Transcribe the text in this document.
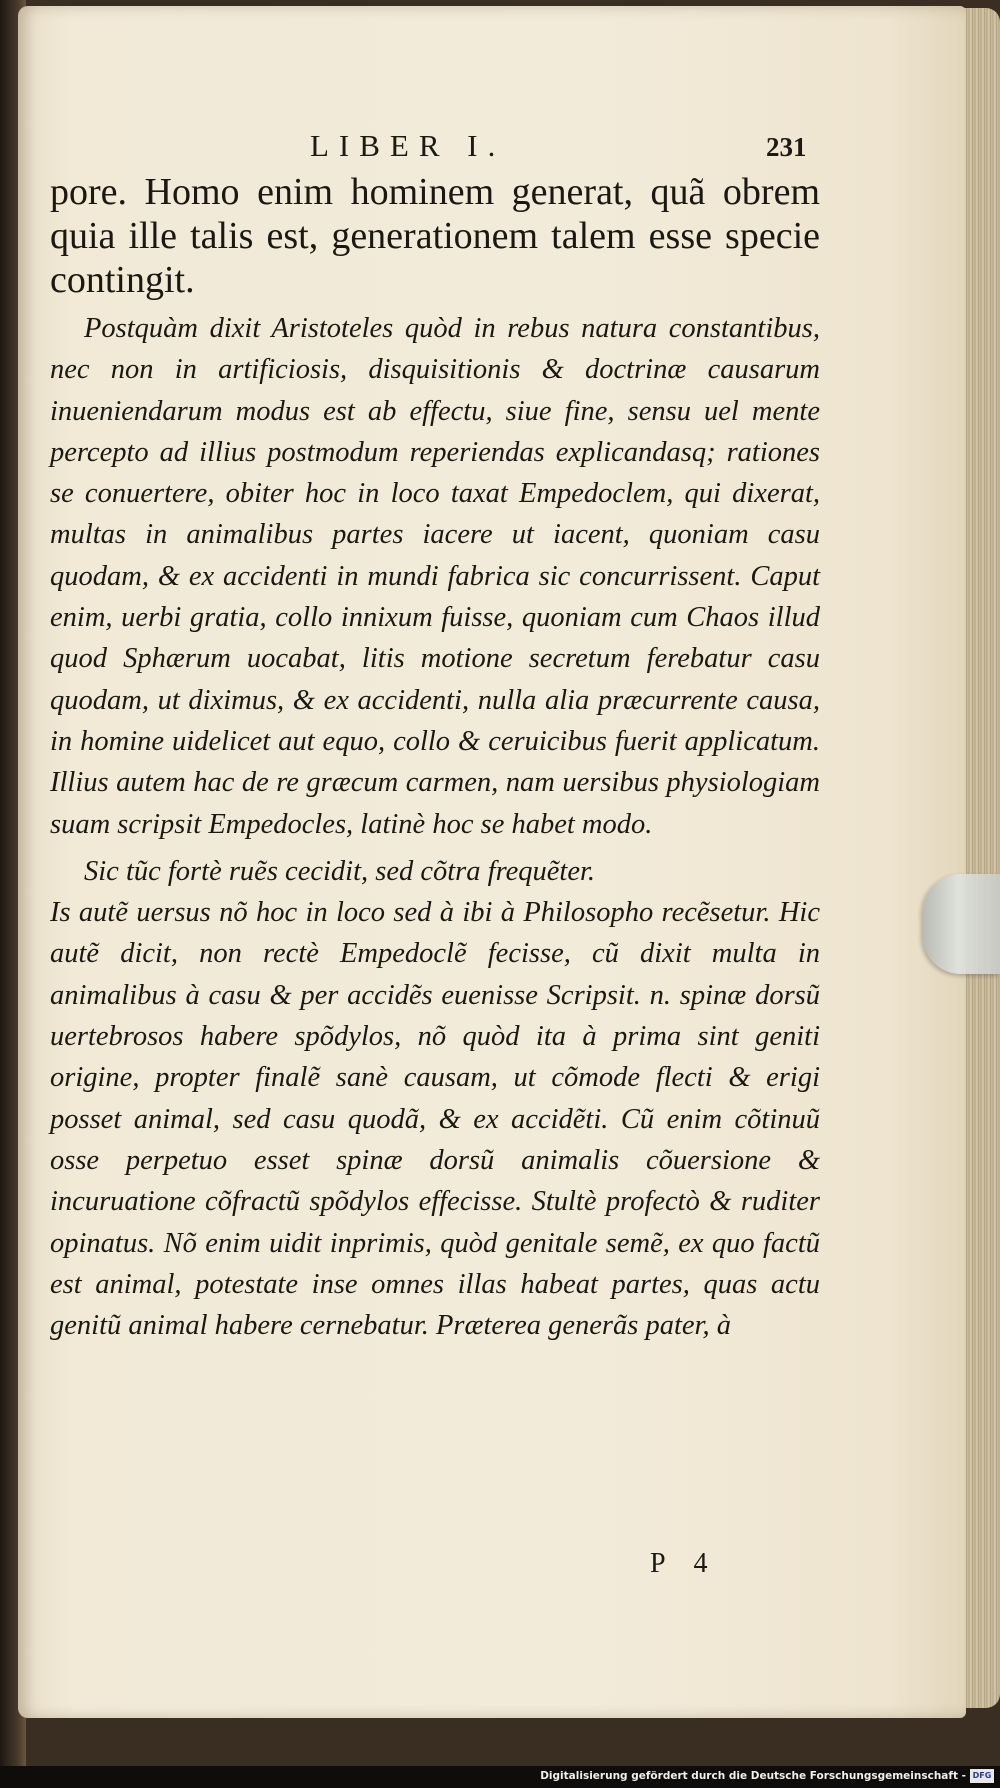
LIBER I.	231

pore. Homo enim hominem generat, quã obrem quia ille talis est, generationem talem esse specie contingit.

Postquàm dixit Aristoteles quòd in rebus natura constantibus, nec non in artificiosis, disquisitionis & doctrinæ causarum inueniendarum modus est ab effectu, siue fine, sensu uel mente percepto ad illius postmodum reperiendas explicandasq; rationes se conuertere, obiter hoc in loco taxat Empedoclem, qui dixerat, multas in animalibus partes iacere ut iacent, quoniam casu quodam, & ex accidenti in mundi fabrica sic concurrissent. Caput enim, uerbi gratia, collo innixum fuisse, quoniam cum Chaos illud quod Sphærum uocabat, litis motione secretum ferebatur casu quodam, ut diximus, & ex accidenti, nulla alia præcurrente causa, in homine uidelicet aut equo, collo & ceruicibus fuerit applicatum. Illius autem hac de re græcum carmen, nam uersibus physiologiam suam scripsit Empedocles, latinè hoc se habet modo.

Sic tũc fortè ruẽs cecidit, sed cõtra frequẽter.

Is autẽ uersus nõ hoc in loco sed à ibi à Philosopho recẽsetur. Hic autẽ dicit, non rectè Empedoclẽ fecisse, cũ dixit multa in animalibus à casu & per accidẽs euenisse Scripsit. n. spinæ dorsũ uertebrosos habere spõdylos, nõ quòd ita à prima sint geniti origine, propter finalẽ sanè causam, ut cõmode flecti & erigi posset animal, sed casu quodã, & ex accidẽti. Cũ enim cõtinuũ osse perpetuo esset spinæ dorsũ animalis cõuersione & incuruatione cõfractũ spõdylos effecisse. Stultè profectò & ruditer opinatus. Nõ enim uidit inprimis, quòd genitale semẽ, ex quo factũ est animal, potestate inse omnes illas habeat partes, quas actu genitũ animal habere cernebatur. Præterea generãs pater, à

P 4
Digitalisierung gefördert durch die Deutsche Forschungsgemeinschaft - DFG
